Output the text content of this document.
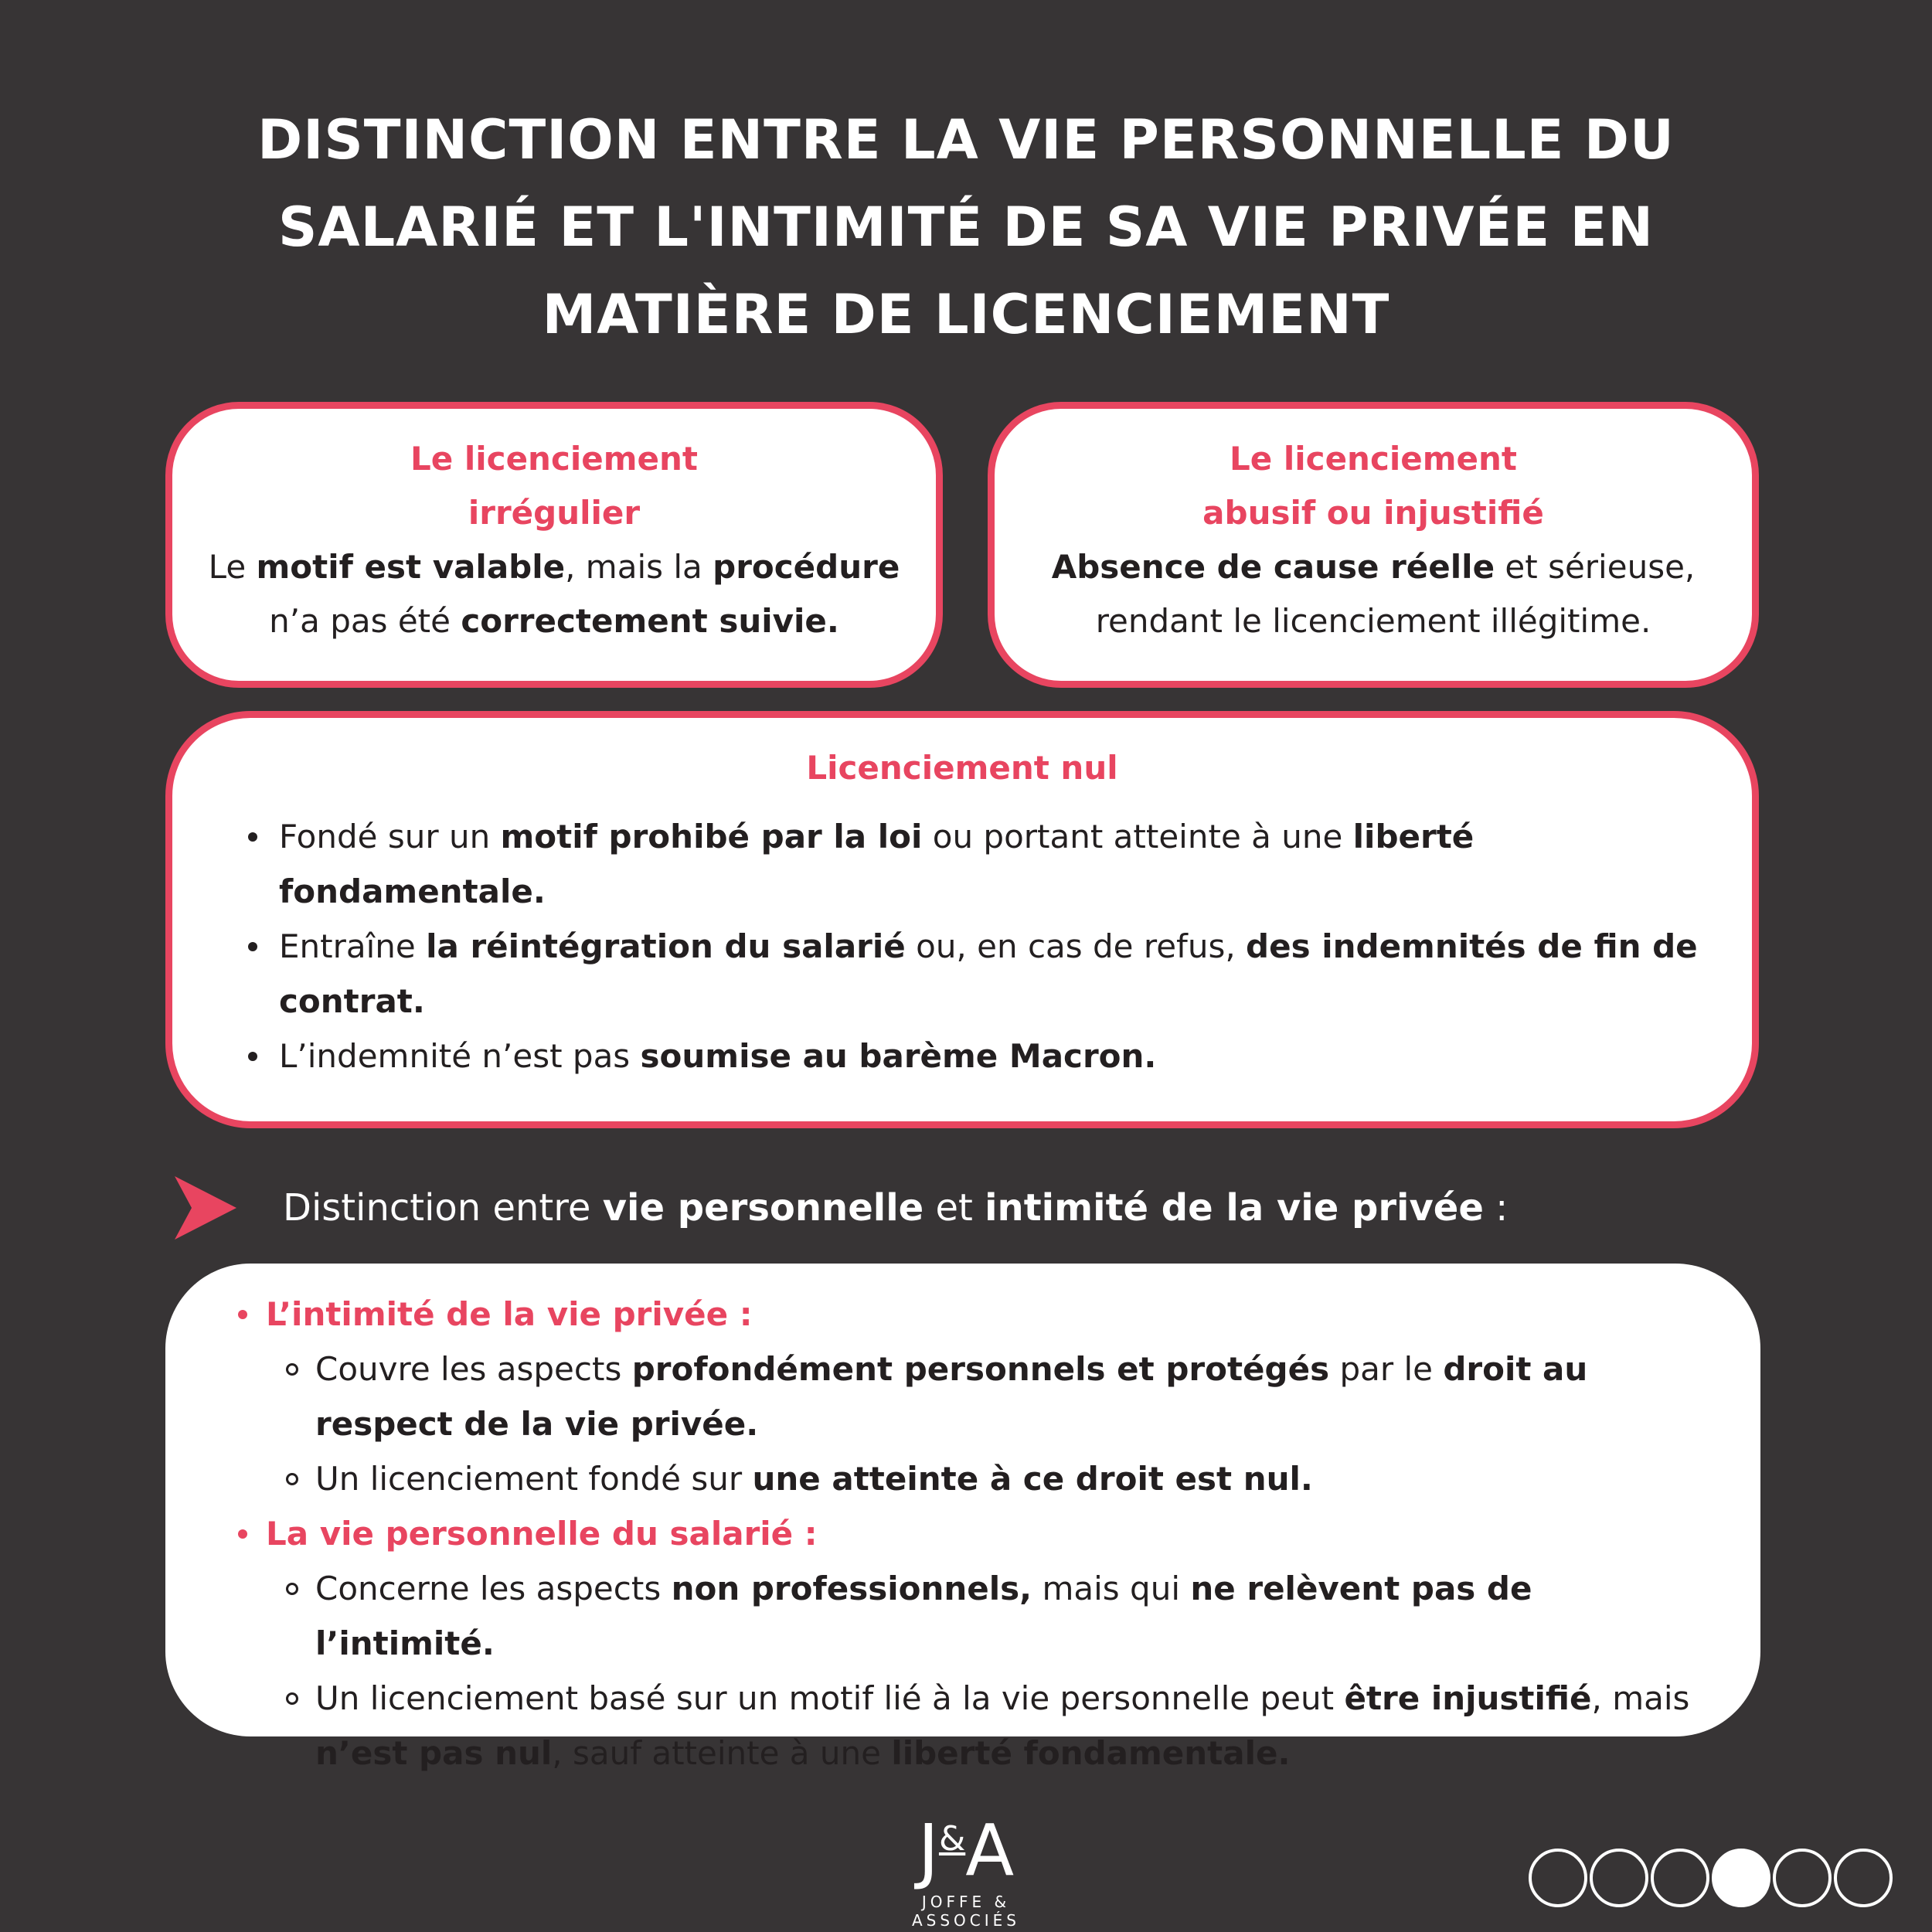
DISTINCTION ENTRE LA VIE PERSONNELLE DU
SALARIÉ ET L'INTIMITÉ DE SA VIE PRIVÉE EN
MATIÈRE DE LICENCIEMENT
Le licenciement
irrégulier
Le motif est valable, mais la procédure
n’a pas été correctement suivie.
Le licenciement
abusif ou injustifié
Absence de cause réelle et sérieuse,
rendant le licenciement illégitime.
Licenciement nul
Fondé sur un motif prohibé par la loi ou portant atteinte à une liberté fondamentale.
Entraîne la réintégration du salarié ou, en cas de refus, des indemnités de fin de contrat.
L’indemnité n’est pas soumise au barème Macron.
Distinction entre vie personnelle et intimité de la vie privée :
L’intimité de la vie privée :
Couvre les aspects profondément personnels et protégés par le droit au respect de la vie privée.
Un licenciement fondé sur une atteinte à ce droit est nul.
La vie personnelle du salarié :
Concerne les aspects non professionnels, mais qui ne relèvent pas de l’intimité.
Un licenciement basé sur un motif lié à la vie personnelle peut être injustifié, mais n’est pas nul, sauf atteinte à une liberté fondamentale.
J&A
JOFFE & ASSOCIÉS
